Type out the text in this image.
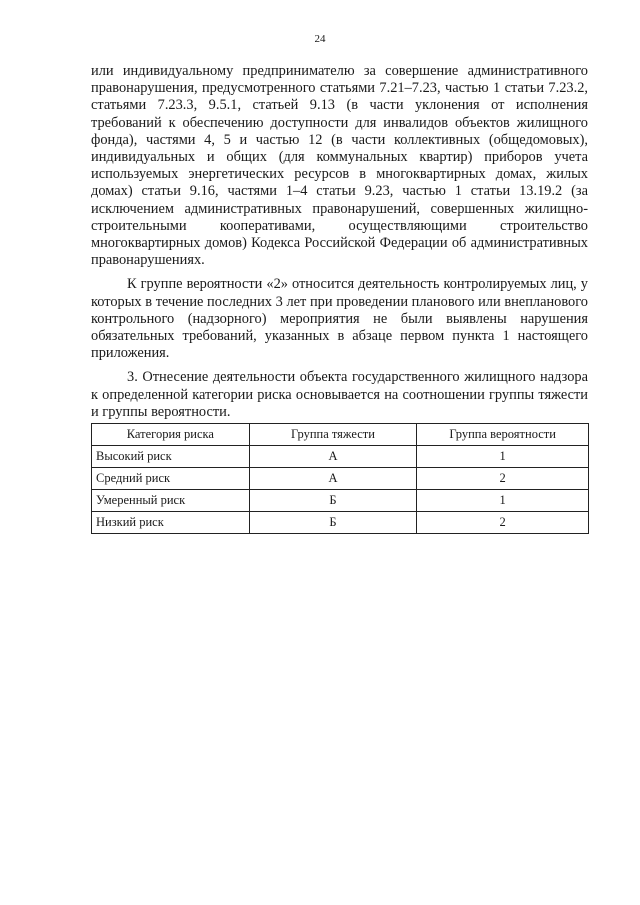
24

или индивидуальному предпринимателю за совершение административного правонарушения, предусмотренного статьями 7.21–7.23, частью 1 статьи 7.23.2, статьями 7.23.3, 9.5.1, статьей 9.13 (в части уклонения от исполнения требований к обеспечению доступности для инвалидов объектов жилищного фонда), частями 4, 5 и частью 12 (в части коллективных (общедомовых), индивидуальных и общих (для коммунальных квартир) приборов учета используемых энергетических ресурсов в многоквартирных домах, жилых домах) статьи 9.16, частями 1–4 статьи 9.23, частью 1 статьи 13.19.2 (за исключением административных правонарушений, совершенных жилищно-строительными кооперативами, осуществляющими строительство многоквартирных домов) Кодекса Российской Федерации об административных правонарушениях.

К группе вероятности «2» относится деятельность контролируемых лиц, у которых в течение последних 3 лет при проведении планового или внепланового контрольного (надзорного) мероприятия не были выявлены нарушения обязательных требований, указанных в абзаце первом пункта 1 настоящего приложения.

3. Отнесение деятельности объекта государственного жилищного надзора к определенной категории риска основывается на соотношении группы тяжести и группы вероятности.

Категория риска	Группа тяжести	Группа вероятности
Высокий риск	А	1
Средний риск	А	2
Умеренный риск	Б	1
Низкий риск	Б	2
